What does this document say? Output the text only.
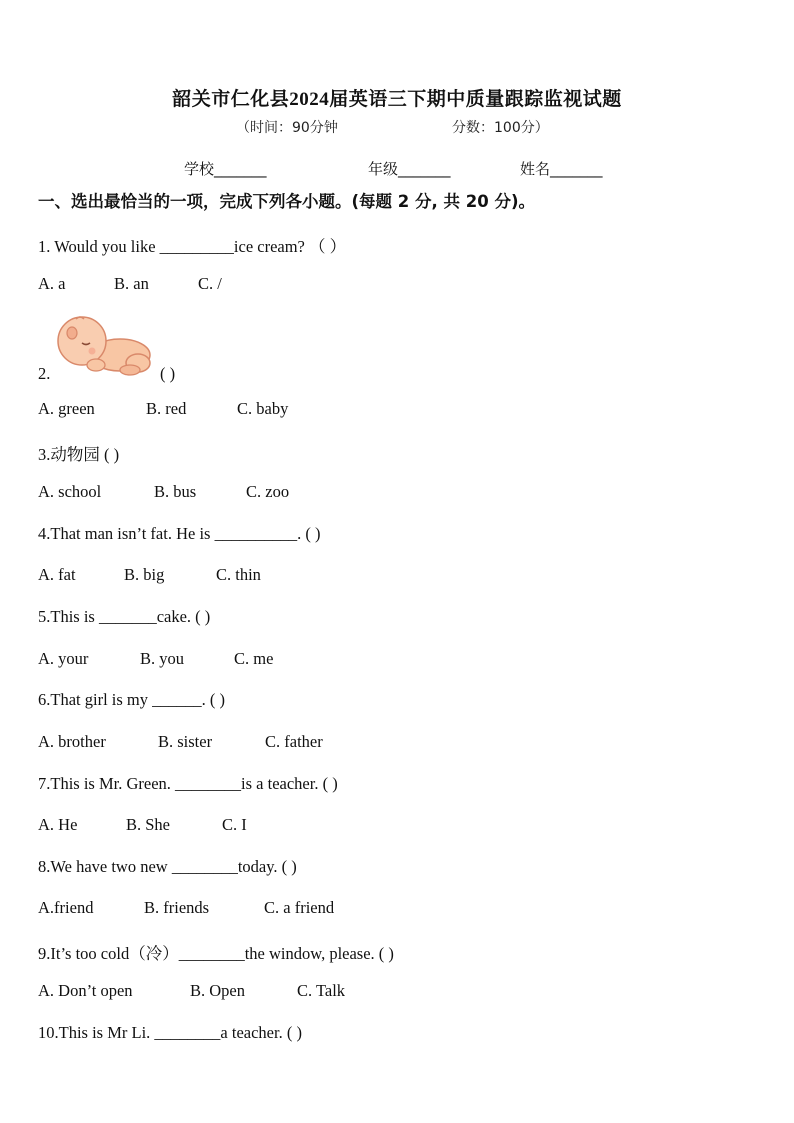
韶关市仁化县2024届英语三下期中质量跟踪监视试题
（时间：90分钟	分数：100分）
学校_______	年级_______	姓名_______
一、选出最恰当的一项，完成下列各小题。(每题 2 分, 共 20 分)。
1. Would you like _________ice cream? （ ）
A. a	B. an	C. /
2.	( )
A. green	B. red	C. baby
3.动物园 ( )
A. school	B. bus	C. zoo
4.That man isn’t fat. He is __________. ( )
A. fat	B. big	C. thin
5.This is _______cake. ( )
A. your	B. you	C. me
6.That girl is my ______. ( )
A. brother	B. sister	C. father
7.This is Mr. Green. ________is a teacher. ( )
A. He	B. She	C. I
8.We have two new ________today. ( )
A.friend	B. friends	C. a friend
9.It’s too cold（冷）________the window, please. ( )
A. Don’t open	B. Open	C. Talk
10.This is Mr Li. ________a teacher. ( )
